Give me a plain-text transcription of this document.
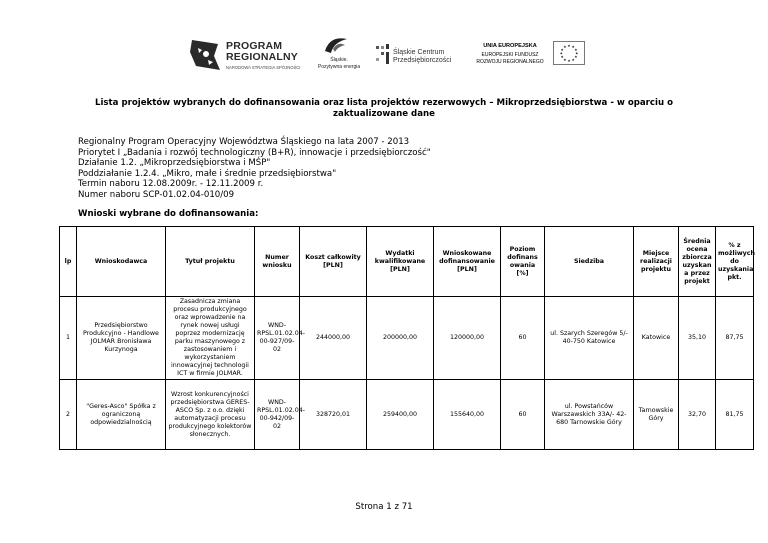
PROGRAM
REGIONALNY
NARODOWA STRATEGIA SPÓJNOŚCI
Śląskie.
Pozytywna energia
Śląskie Centrum
Przedsiębiorczości
UNIA EUROPEJSKA
EUROPEJSKI FUNDUSZ
ROZWOJU REGIONALNEGO
★ ★
★
★
★
★
★
★
★
★
★
★
Lista projektów wybranych do dofinansowania oraz lista projektów rezerwowych – Mikroprzedsiębiorstwa - w oparciu o zaktualizowane dane
Regionalny Program Operacyjny Województwa Śląskiego na lata 2007 - 2013
Priorytet I „Badania i rozwój technologiczny (B+R), innowacje i przedsiębiorczość"
Działanie 1.2. „Mikroprzedsiębiorstwa i MŚP"
Poddziałanie 1.2.4. „Mikro, małe i średnie przedsiębiorstwa"
Termin naboru 12.08.2009r. - 12.11.2009 r.
Numer naboru SCP-01.02.04-010/09
Wnioski wybrane do dofinansowania:
lp	Wnioskodawca	Tytuł projektu	Numer wniosku	Koszt całkowity [PLN]	Wydatki kwalifikowane [PLN]	Wnioskowane dofinansowanie [PLN]	Poziom dofinans owania [%]	Siedziba	Miejsce realizacji projektu	Średnia ocena zbiorcza uzyskan a przez projekt	% z możliwych do uzyskania pkt.
1	Przedsiębiorstwo Produkcyjno - Handlowe JOLMAR Bronisława Kurzynoga	Zasadnicza zmiana procesu produkcyjnego oraz wprowadzenie na rynek nowej usługi poprzez modernizację parku maszynowego z zastosowaniem i wykorzystaniem innowacyjnej technologii ICT w firmie JOLMAR.	WND-RPSL.01.02.04-00-927/09-02	244000,00	200000,00	120000,00	60	ul. Szarych Szeregów 5/- 40-750 Katowice	Katowice	35,10	87,75
2	"Geres-Asco" Spółka z ograniczoną odpowiedzialnością	Wzrost konkurencyjności przedsiębiorstwa GERES-ASCO Sp. z o.o. dzięki automatyzacji procesu produkcyjnego kolektorów słonecznych.	WND-RPSL.01.02.04-00-942/09-02	328720,01	259400,00	155640,00	60	ul. Powstańców Warszawskich 33A/- 42-680 Tarnowskie Góry	Tarnowskie Góry	32,70	81,75
Strona 1 z 71
